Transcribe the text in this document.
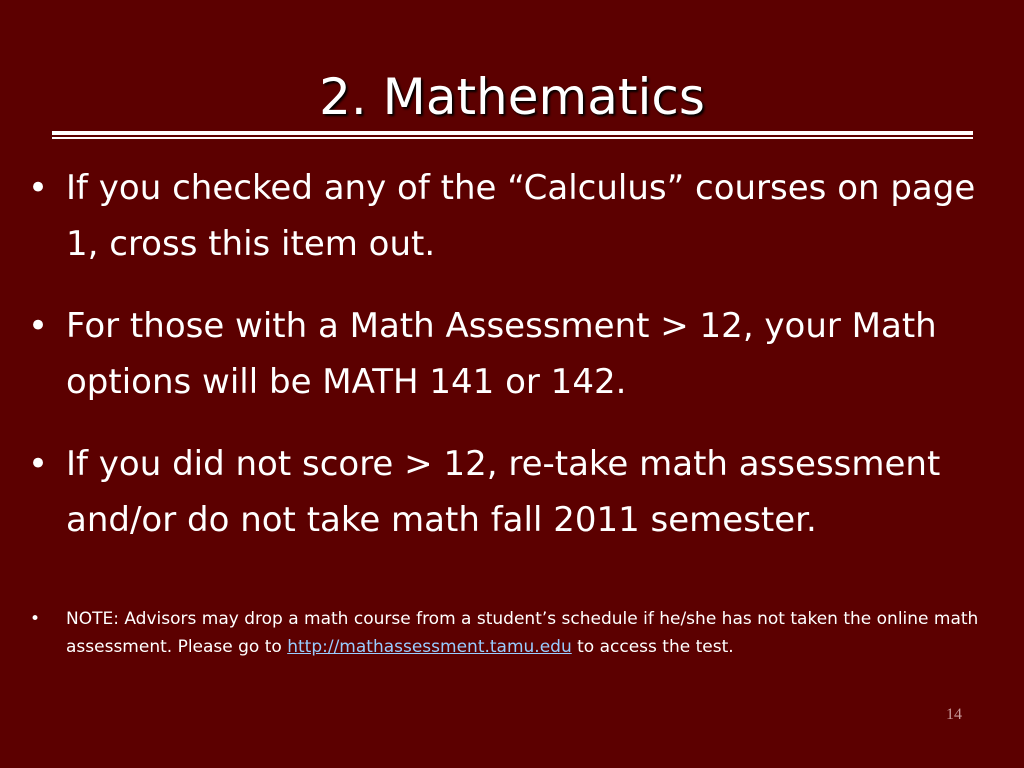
2. Mathematics
• If you checked any of the “Calculus” courses on page 1, cross this item out.
• For those with a Math Assessment > 12, your Math options will be MATH 141 or 142.
• If you did not score > 12, re-take math assessment and/or do not take math fall 2011 semester.
• NOTE: Advisors may drop a math course from a student’s schedule if he/she has not taken the online math assessment. Please go to http://mathassessment.tamu.edu to access the test.
14
